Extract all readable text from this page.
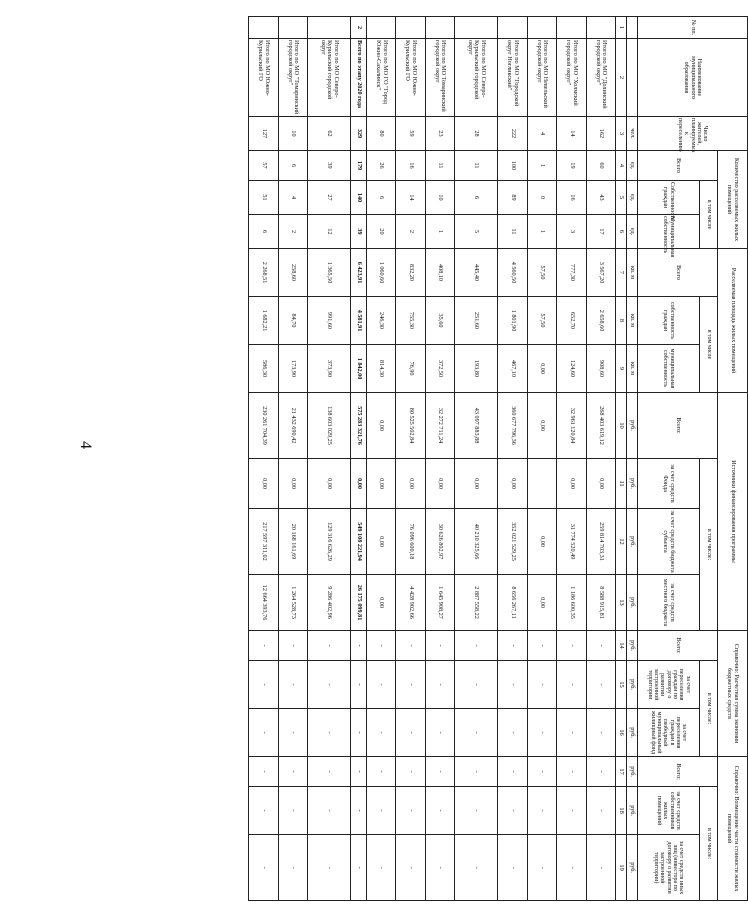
4
№ пп.	Наименование муниципального образования	Число жителей, планируемых к переселению	Количество расселяемых жилых помещений			Расселяемая площадь жилых помещений			Источники финансирования программы				Справочно: Расчетная сумма экономии бюджетных средств			Справочно: Возмещение части стоимости жилых помещений		
			Всего	в том числе		Всего	в том числе		Всего:	в том числе:			Всего:	в том числе:		Всего:	в том числе:	
				Собственность граждан	Муниципальная собственность		собственность граждан	муниципальная собственность		за счет средств Фонда	за счет средств бюджета субъекта	за счет средств местного бюджета		за счет переселения граждан по договору о развитии застроенной территории	за счет переселения граждан в свободный муниципальный жилищный фонд		за счет средств собственников жилых помещений	за счет средств иных лиц (инвестора по договору о развитии застроенной территории)
		чел.	ед.	ед.	ед.	кв. м	кв. м	кв. м	руб.	руб.	руб.	руб.	руб.	руб.	руб.	руб.	руб.	руб.
1	2	3	4	5	6	7	8	9	10	11	12	13	14	15	16	17	18	19
	Итого по МО "Долинский городской округ"	162	60	43	17	3 567,20	2 658,60	908,60	268 403 619,12	0,00	259 814 703,31	8 588 915,81	-	-	-	-	-	-
	Итого по МО "Холмский городской округ"	14	19	16	3	777,30	652,70	124,60	32 961 120,84	0,00	31 774 520,49	1 186 600,35	-	-	-	-	-	-
	Итого по МО Невельский городской округ	4	1	0	1	57,50	57,50	0,00	0,00		0,00	0,00	-	-	-	-	-	-
	Итого по МО "Городской округ Ногликский"	222	100	89	11	4 560,50	1 801,90	467,10	360 677 796,36	0,00	352 021 529,25	8 656 267,11	-	-	-	-	-	-
	Итого по МО Северо-Курильский городской округ	28	11	6	5	445,40	251,60	193,80	43 097 883,88	0,00	40 210 325,66	2 887 558,22	-	-	-	-	-	-
	Итого по МО Томаринский городской округ	23	11	10	1	408,10	35,60	372,50	32 272 711,24	0,00	30 626 802,97	1 645 908,27	-	-	-	-	-	-
	Итого по МО Южно-Курильский ГО	59	16	14	2	832,20	755,30	76,90	80 525 502,84	0,00	76 096 600,18	4 428 902,66	-	-	-	-	-	-
	Итого по МО ГО "Город Южно-Сахалинск"	80	26	6	20	1 060,60	246,30	814,30	0,00	0,00	0,00	0,00	-	-	-	-	-	-
2	Всего по этапу 2020 года	329	179	140	39	6 423,91	4 581,91	1 842,00	575 283 321,76	0,00	549 108 221,94	26 175 099,81	-	-	-	-	-	-
	Итого по МО Северо-Курильский городской округ	62	39	27	12	1 365,50	991,60	373,90	138 603 029,25	0,00	129 316 626,29	9 286 402,96	-	-	-	-	-	-
	Итого по МО "Томаринский городской округ"	10	6	4	2	258,60	84,70	173,90	21 432 690,42	0,00	20 168 161,69	1 264 528,73	-	-	-	-	-	-
	Итого по МО Южно-Курильский ГО	127	57	51	6	2 268,51	1 682,21	586,30	230 261 704,39	0,00	217 597 311,02	12 664 393,76	-	-	-	-	-	-
